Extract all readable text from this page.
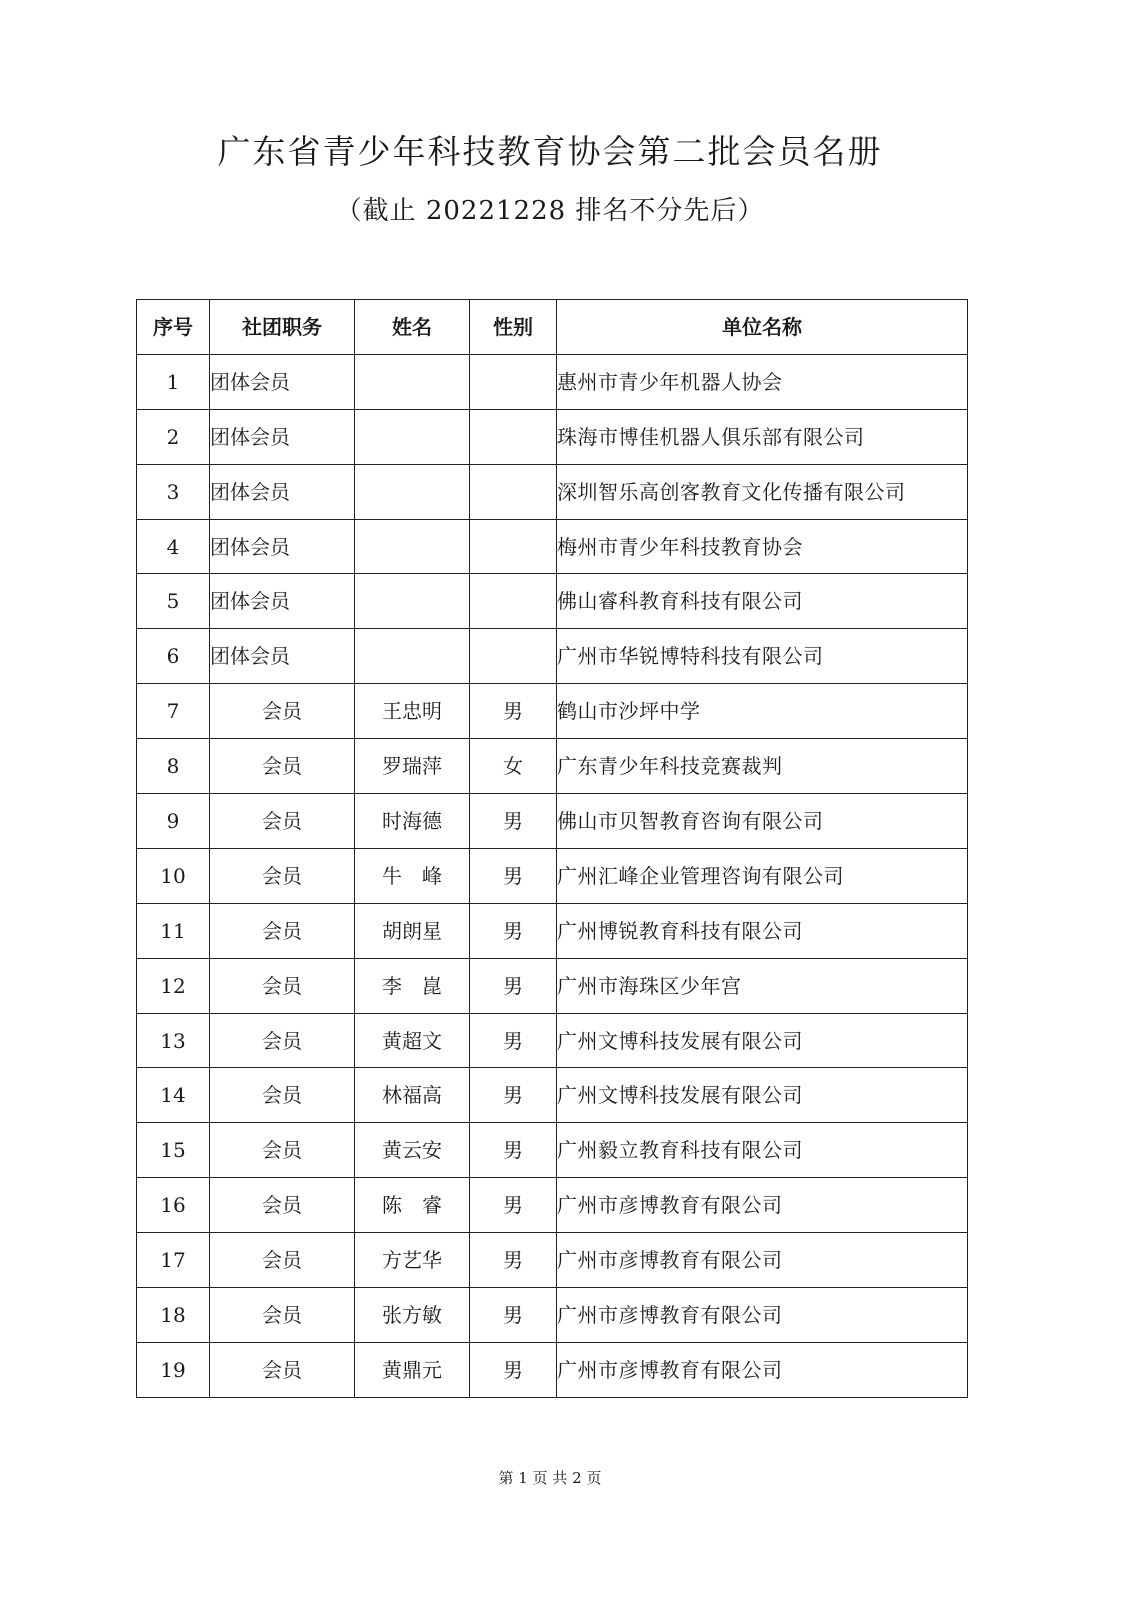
广东省青少年科技教育协会第二批会员名册
（截止 20221228 排名不分先后）
序号	社团职务	姓名	性别	单位名称
1	团体会员			惠州市青少年机器人协会
2	团体会员			珠海市博佳机器人俱乐部有限公司
3	团体会员			深圳智乐高创客教育文化传播有限公司
4	团体会员			梅州市青少年科技教育协会
5	团体会员			佛山睿科教育科技有限公司
6	团体会员			广州市华锐博特科技有限公司
7	会员	王忠明	男	鹤山市沙坪中学
8	会员	罗瑞萍	女	广东青少年科技竞赛裁判
9	会员	时海德	男	佛山市贝智教育咨询有限公司
10	会员	牛　峰	男	广州汇峰企业管理咨询有限公司
11	会员	胡朗星	男	广州博锐教育科技有限公司
12	会员	李　崑	男	广州市海珠区少年宫
13	会员	黄超文	男	广州文博科技发展有限公司
14	会员	林福高	男	广州文博科技发展有限公司
15	会员	黄云安	男	广州毅立教育科技有限公司
16	会员	陈　睿	男	广州市彦博教育有限公司
17	会员	方艺华	男	广州市彦博教育有限公司
18	会员	张方敏	男	广州市彦博教育有限公司
19	会员	黄鼎元	男	广州市彦博教育有限公司
第 1 页 共 2 页
